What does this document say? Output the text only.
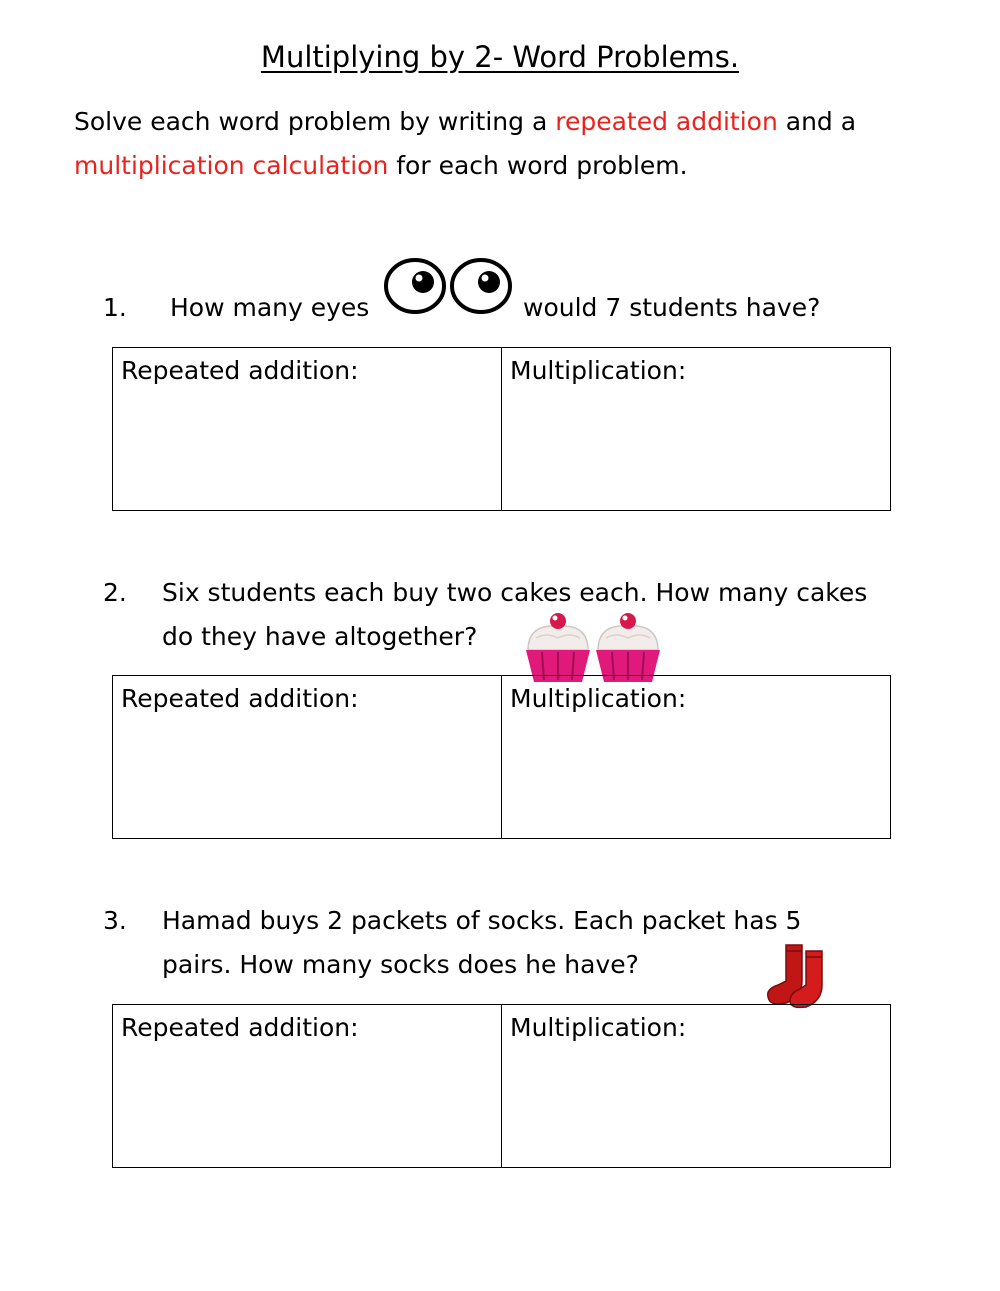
Multiplying by 2- Word Problems.
Solve each word problem by writing a repeated addition and a
multiplication calculation for each word problem.
1. How many eyes	would 7 students have?
Repeated addition:	Multiplication:
2. Six students each buy two cakes each. How many cakes
do they have altogether?
Repeated addition:	Multiplication:
3. Hamad buys 2 packets of socks. Each packet has 5
pairs. How many socks does he have?
Repeated addition:	Multiplication:
